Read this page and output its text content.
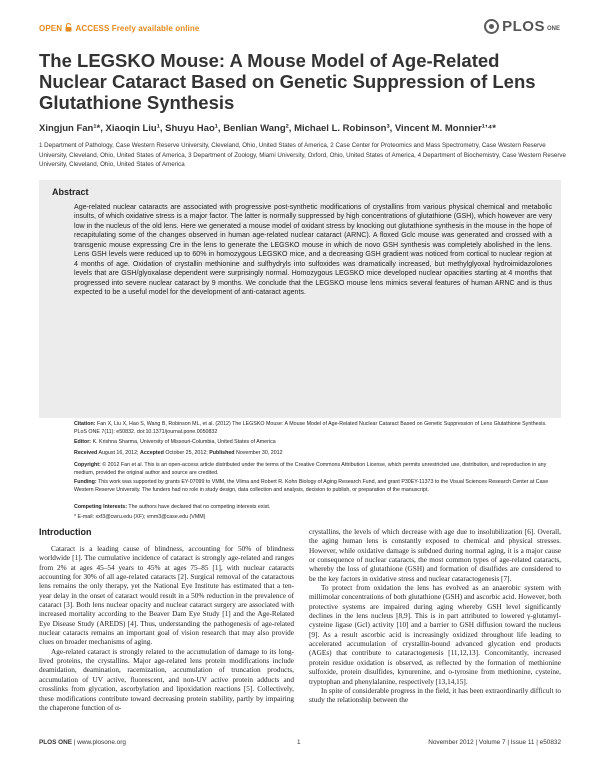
OPEN ACCESS Freely available online	PLOS ONE
The LEGSKO Mouse: A Mouse Model of Age-Related Nuclear Cataract Based on Genetic Suppression of Lens Glutathione Synthesis
Xingjun Fan¹*, Xiaoqin Liu¹, Shuyu Hao¹, Benlian Wang², Michael L. Robinson³, Vincent M. Monnier¹ʼ⁴*
1 Department of Pathology, Case Western Reserve University, Cleveland, Ohio, United States of America, 2 Case Center for Proteomics and Mass Spectrometry, Case Western Reserve University, Cleveland, Ohio, United States of America, 3 Department of Zoology, Miami University, Oxford, Ohio, United States of America, 4 Department of Biochemistry, Case Western Reserve University, Cleveland, Ohio, United States of America
Abstract
Age-related nuclear cataracts are associated with progressive post-synthetic modifications of crystallins from various physical chemical and metabolic insults, of which oxidative stress is a major factor. The latter is normally suppressed by high concentrations of glutathione (GSH), which however are very low in the nucleus of the old lens. Here we generated a mouse model of oxidant stress by knocking out glutathione synthesis in the mouse in the hope of recapitulating some of the changes observed in human age-related nuclear cataract (ARNC). A floxed Gclc mouse was generated and crossed with a transgenic mouse expressing Cre in the lens to generate the LEGSKO mouse in which de novo GSH synthesis was completely abolished in the lens. Lens GSH levels were reduced up to 60% in homozygous LEGSKO mice, and a decreasing GSH gradient was noticed from cortical to nuclear region at 4 months of age. Oxidation of crystallin methionine and sulfhydryls into sulfoxides was dramatically increased, but methylglyoxal hydroimidazolones levels that are GSH/glyoxalase dependent were surprisingly normal. Homozygous LEGSKO mice developed nuclear opacities starting at 4 months that progressed into severe nuclear cataract by 9 months. We conclude that the LEGSKO mouse lens mimics several features of human ARNC and is thus expected to be a useful model for the development of anti-cataract agents.
Citation: Fan X, Liu X, Hao S, Wang B, Robinson ML, et al. (2012) The LEGSKO Mouse: A Mouse Model of Age-Related Nuclear Cataract Based on Genetic Suppression of Lens Glutathione Synthesis. PLoS ONE 7(11): e50832. doi:10.1371/journal.pone.0050832
Editor: K. Krishna Sharma, University of Missouri-Columbia, United States of America
Received August 16, 2012; Accepted October 25, 2012; Published November 30, 2012
Copyright: © 2012 Fan et al. This is an open-access article distributed under the terms of the Creative Commons Attribution License, which permits unrestricted use, distribution, and reproduction in any medium, provided the original author and source are credited.
Funding: This work was supported by grants EY-07099 to VMM, the Vilma and Robert R. Kohn Biology of Aging Research Fund, and grant P30EY-11373 to the Visual Sciences Research Center at Case Western Reserve University. The funders had no role in study design, data collection and analysis, decision to publish, or preparation of the manuscript.
Competing Interests: The authors have declared that no competing interests exist.
* E-mail: xxf3@cwru.edu (XF); vmm3@case.edu (VMM)
Introduction

Cataract is a leading cause of blindness, accounting for 50% of blindness worldwide [1]. The cumulative incidence of cataract is strongly age-related and ranges from 2% at ages 45–54 years to 45% at ages 75–85 [1], with nuclear cataracts accounting for 30% of all age-related cataracts [2]. Surgical removal of the cataractous lens remains the only therapy, yet the National Eye Institute has estimated that a ten-year delay in the onset of cataract would result in a 50% reduction in the prevalence of cataract [3]. Both lens nuclear opacity and nuclear cataract surgery are associated with increased mortality according to the Beaver Dam Eye Study [1] and the Age-Related Eye Disease Study (AREDS) [4]. Thus, understanding the pathogenesis of age-related nuclear cataracts remains an important goal of vision research that may also provide clues on broader mechanisms of aging.

Age-related cataract is strongly related to the accumulation of damage to its long-lived proteins, the crystallins. Major age-related lens protein modifications include deamidation, deamination, racemization, accumulation of truncation products, accumulation of UV active, fluorescent, and non-UV active protein adducts and crosslinks from glycation, ascorbylation and lipoxidation reactions [5]. Collectively, these modifications contribute toward decreasing protein stability, partly by impairing the chaperone function of α-

crystallins, the levels of which decrease with age due to insolubilization [6]. Overall, the aging human lens is constantly exposed to chemical and physical stresses. However, while oxidative damage is subdued during normal aging, it is a major cause or consequence of nuclear cataracts, the most common types of age-related cataracts, whereby the loss of glutathione (GSH) and formation of disulfides are considered to be the key factors in oxidative stress and nuclear cataractogenesis [7].

To protect from oxidation the lens has evolved as an anaerobic system with millimolar concentrations of both glutathione (GSH) and ascorbic acid. However, both protective systems are impaired during aging whereby GSH level significantly declines in the lens nucleus [8,9]. This is in part attributed to lowered γ-glutamyl-cysteine ligase (Gcl) activity [10] and a barrier to GSH diffusion toward the nucleus [9]. As a result ascorbic acid is increasingly oxidized throughout life leading to accelerated accumulation of crystallin-bound advanced glycation end products (AGEs) that contribute to cataractogenesis [11,12,13]. Concomitantly, increased protein residue oxidation is observed, as reflected by the formation of methionine sulfoxide, protein disulfides, kynurenine, and o-tyrosine from methionine, cysteine, tryptophan and phenylalanine, respectively [13,14,15].

In spite of considerable progress in the field, it has been extraordinarily difficult to study the relationship between the

PLOS ONE | www.plosone.org	1	November 2012 | Volume 7 | Issue 11 | e50832
